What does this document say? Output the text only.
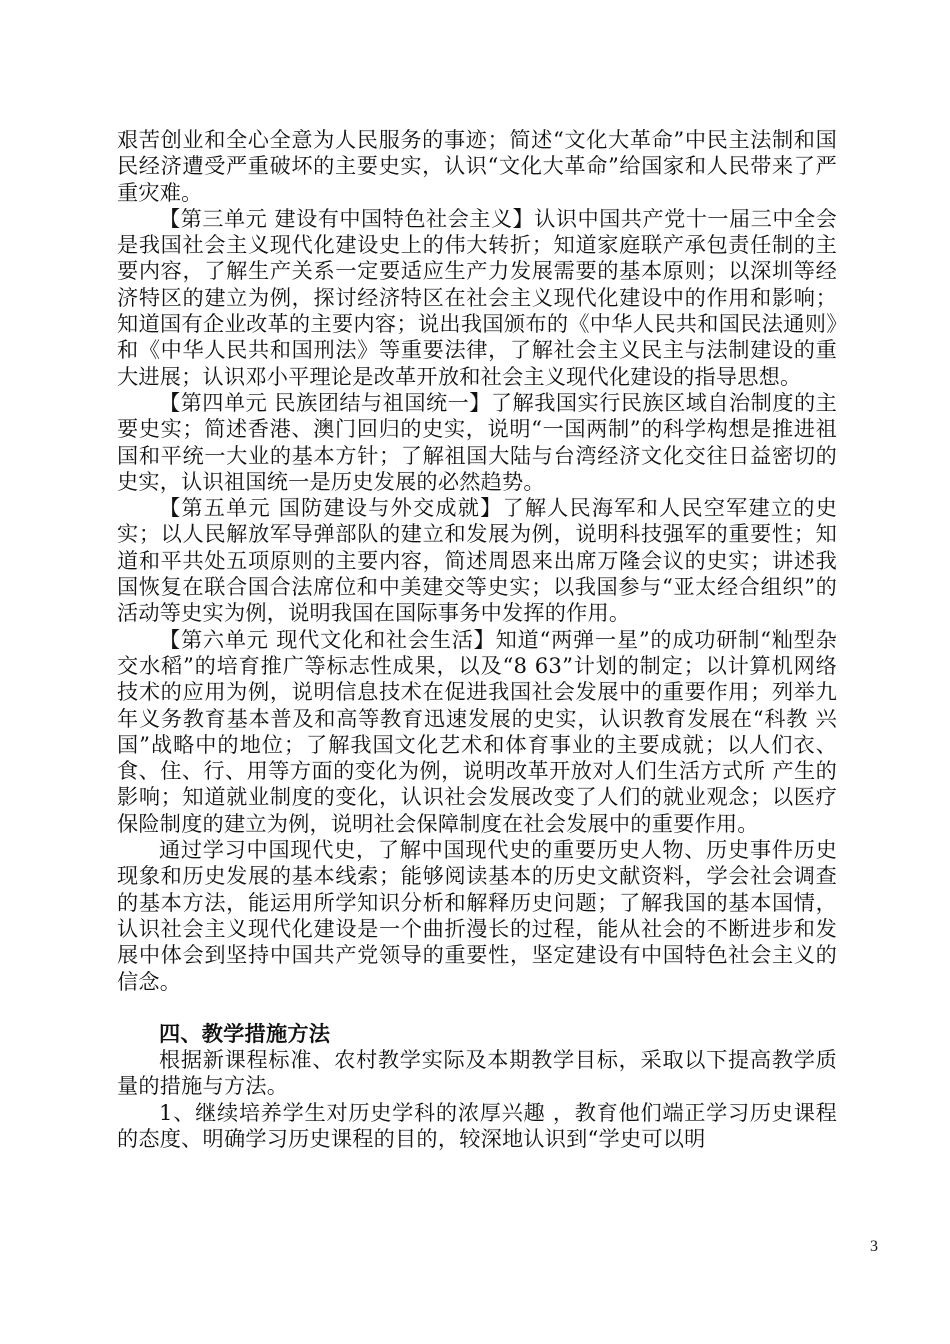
艰苦创业和全心全意为人民服务的事迹；简述“文化大革命”中民主法制和国民经济遭受严重破坏的主要史实，认识“文化大革命”给国家和人民带来了严重灾难。

【第三单元 建设有中国特色社会主义】认识中国共产党十一届三中全会是我国社会主义现代化建设史上的伟大转折；知道家庭联产承包责任制的主要内容，了解生产关系一定要适应生产力发展需要的基本原则；以深圳等经济特区的建立为例，探讨经济特区在社会主义现代化建设中的作用和影响；知道国有企业改革的主要内容；说出我国颁布的《中华人民共和国民法通则》和《中华人民共和国刑法》等重要法律，了解社会主义民主与法制建设的重大进展；认识邓小平理论是改革开放和社会主义现代化建设的指导思想。

【第四单元 民族团结与祖国统一】了解我国实行民族区域自治制度的主要史实；简述香港、澳门回归的史实，说明“一国两制”的科学构想是推进祖国和平统一大业的基本方针；了解祖国大陆与台湾经济文化交往日益密切的史实，认识祖国统一是历史发展的必然趋势。

【第五单元 国防建设与外交成就】了解人民海军和人民空军建立的史实；以人民解放军导弹部队的建立和发展为例，说明科技强军的重要性；知道和平共处五项原则的主要内容，简述周恩来出席万隆会议的史实；讲述我国恢复在联合国合法席位和中美建交等史实；以我国参与“亚太经合组织”的活动等史实为例，说明我国在国际事务中发挥的作用。

【第六单元 现代文化和社会生活】知道“两弹一星”的成功研制“籼型杂交水稻”的培育推广等标志性成果，以及“8 63”计划的制定；以计算机网络技术的应用为例，说明信息技术在促进我国社会发展中的重要作用；列举九年义务教育基本普及和高等教育迅速发展的史实，认识教育发展在“科教 兴国”战略中的地位；了解我国文化艺术和体育事业的主要成就；以人们衣、食、住、行、用等方面的变化为例，说明改革开放对人们生活方式所 产生的影响；知道就业制度的变化，认识社会发展改变了人们的就业观念；以医疗保险制度的建立为例，说明社会保障制度在社会发展中的重要作用。

通过学习中国现代史，了解中国现代史的重要历史人物、历史事件历史现象和历史发展的基本线索；能够阅读基本的历史文献资料，学会社会调查的基本方法，能运用所学知识分析和解释历史问题；了解我国的基本国情，认识社会主义现代化建设是一个曲折漫长的过程，能从社会的不断进步和发展中体会到坚持中国共产党领导的重要性，坚定建设有中国特色社会主义的信念。

四、教学措施方法

根据新课程标准、农村教学实际及本期教学目标，采取以下提高教学质量的措施与方法。

1、继续培养学生对历史学科的浓厚兴趣 ，教育他们端正学习历史课程的态度、明确学习历史课程的目的，较深地认识到“学史可以明

3
